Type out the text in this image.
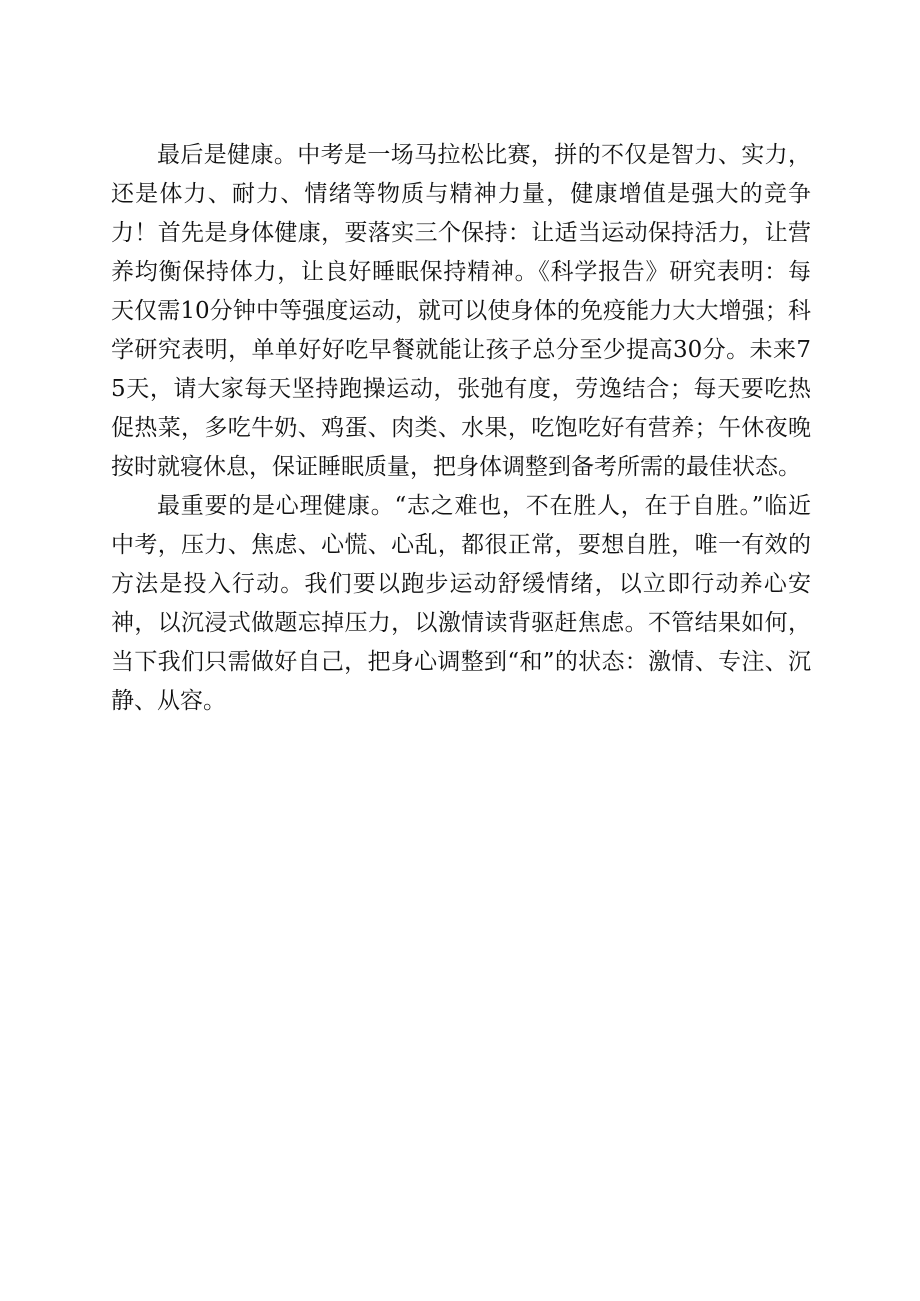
最后是健康。中考是一场马拉松比赛，拼的不仅是智力、实力，还是体力、耐力、情绪等物质与精神力量，健康增值是强大的竞争力！首先是身体健康，要落实三个保持：让适当运动保持活力，让营养均衡保持体力，让良好睡眠保持精神。《科学报告》研究表明：每天仅需10分钟中等强度运动，就可以使身体的免疫能力大大增强；科学研究表明，单单好好吃早餐就能让孩子总分至少提高30分。未来75天，请大家每天坚持跑操运动，张弛有度，劳逸结合；每天要吃热促热菜，多吃牛奶、鸡蛋、肉类、水果，吃饱吃好有营养；午休夜晚按时就寝休息，保证睡眠质量，把身体调整到备考所需的最佳状态。

最重要的是心理健康。“志之难也，不在胜人，在于自胜。”临近中考，压力、焦虑、心慌、心乱，都很正常，要想自胜，唯一有效的方法是投入行动。我们要以跑步运动舒缓情绪，以立即行动养心安神，以沉浸式做题忘掉压力，以激情读背驱赶焦虑。不管结果如何，当下我们只需做好自己，把身心调整到“和”的状态：激情、专注、沉静、从容。
